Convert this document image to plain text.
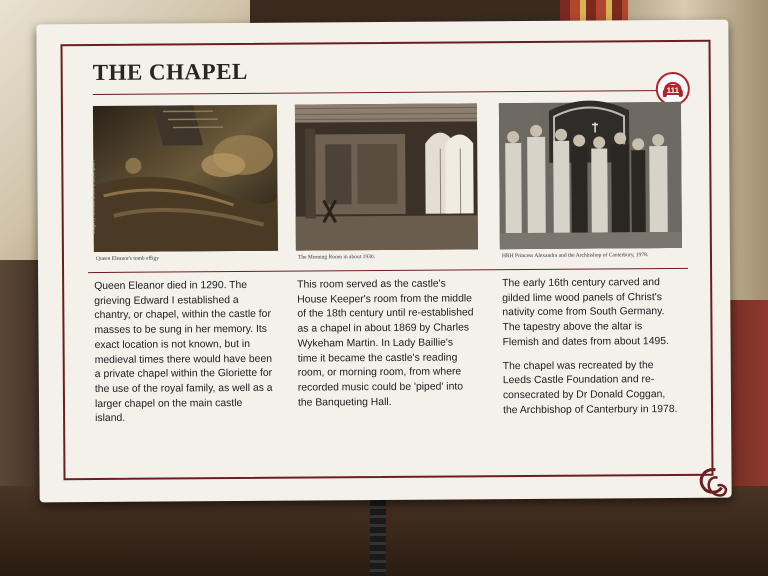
THE CHAPEL
111
Image by Kind and Crown of Buckingham
Queen Eleanor's tomb effigy	The Morning Room in about 1930.	HRH Princess Alexandra and the Archbishop of Canterbury, 1978.

Queen Eleanor died in 1290. The grieving Edward I established a chantry, or chapel, within the castle for masses to be sung in her memory. Its exact location is not known, but in medieval times there would have been a private chapel within the Gloriette for the use of the royal family, as well as a larger chapel on the main castle island.

This room served as the castle's House Keeper's room from the middle of the 18th century until re-established as a chapel in about 1869 by Charles Wykeham Martin. In Lady Baillie's time it became the castle's reading room, or morning room, from where recorded music could be 'piped' into the Banqueting Hall.

The early 16th century carved and gilded lime wood panels of Christ's nativity come from South Germany. The tapestry above the altar is Flemish and dates from about 1495.

The chapel was recreated by the Leeds Castle Foundation and re-consecrated by Dr Donald Coggan, the Archbishop of Canterbury in 1978.
